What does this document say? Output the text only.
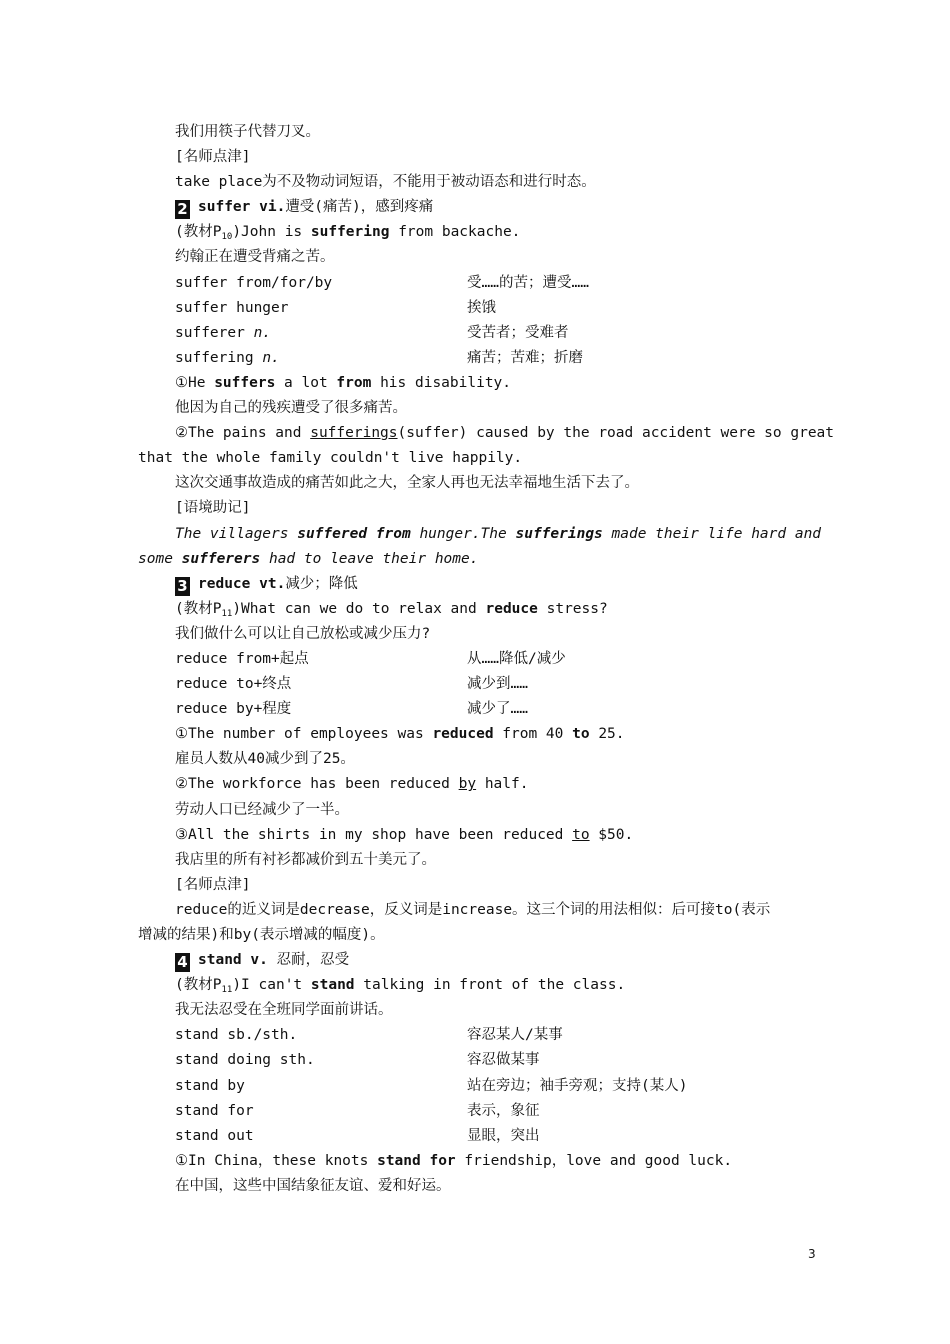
我们用筷子代替刀叉。
[名师点津]
take place为不及物动词短语，不能用于被动语态和进行时态。
2 suffer vi.遭受(痛苦)，感到疼痛
(教材$P_{10})John$ is suffering from backache.
约翰正在遭受背痛之苦。
suffer from/for/by	受……的苦；遭受……
suffer hunger	挨饿
sufferer n.	受苦者；受难者
suffering n.	痛苦；苦难；折磨
①He suffers a lot from his disability.
他因为自己的残疾遭受了很多痛苦。
②The pains and sufferings(suffer) caused by the road accident were so great
that the whole family couldn't live happily.
这次交通事故造成的痛苦如此之大，全家人再也无法幸福地生活下去了。
[语境助记]
The villagers suffered from hunger.The sufferings made their life hard and
some sufferers had to leave their home.
3 reduce vt.减少；降低
(教材$P_{11})What$ can we do to relax and reduce stress?
我们做什么可以让自己放松或减少压力?
reduce from+起点	从……降低/减少
reduce to+终点	减少到……
reduce by+程度	减少了……
①The number of employees was reduced from 40 to 25.
雇员人数从40减少到了25。
②The workforce has been reduced by half.
劳动人口已经减少了一半。
③All the shirts in my shop have been reduced to $50.
我店里的所有衬衫都减价到五十美元了。
[名师点津]
reduce的近义词是decrease，反义词是increase。这三个词的用法相似：后可接to(表示
增减的结果)和by(表示增减的幅度)。
4 stand v. 忍耐，忍受
(教材$P_{11})I$ can't stand talking in front of the class.
我无法忍受在全班同学面前讲话。
stand sb./sth.	容忍某人/某事
stand doing sth.	容忍做某事
stand by	站在旁边；袖手旁观；支持(某人)
stand for	表示，象征
stand out	显眼，突出
①In China，these knots stand for friendship，love and good luck.
在中国，这些中国结象征友谊、爱和好运。
3
